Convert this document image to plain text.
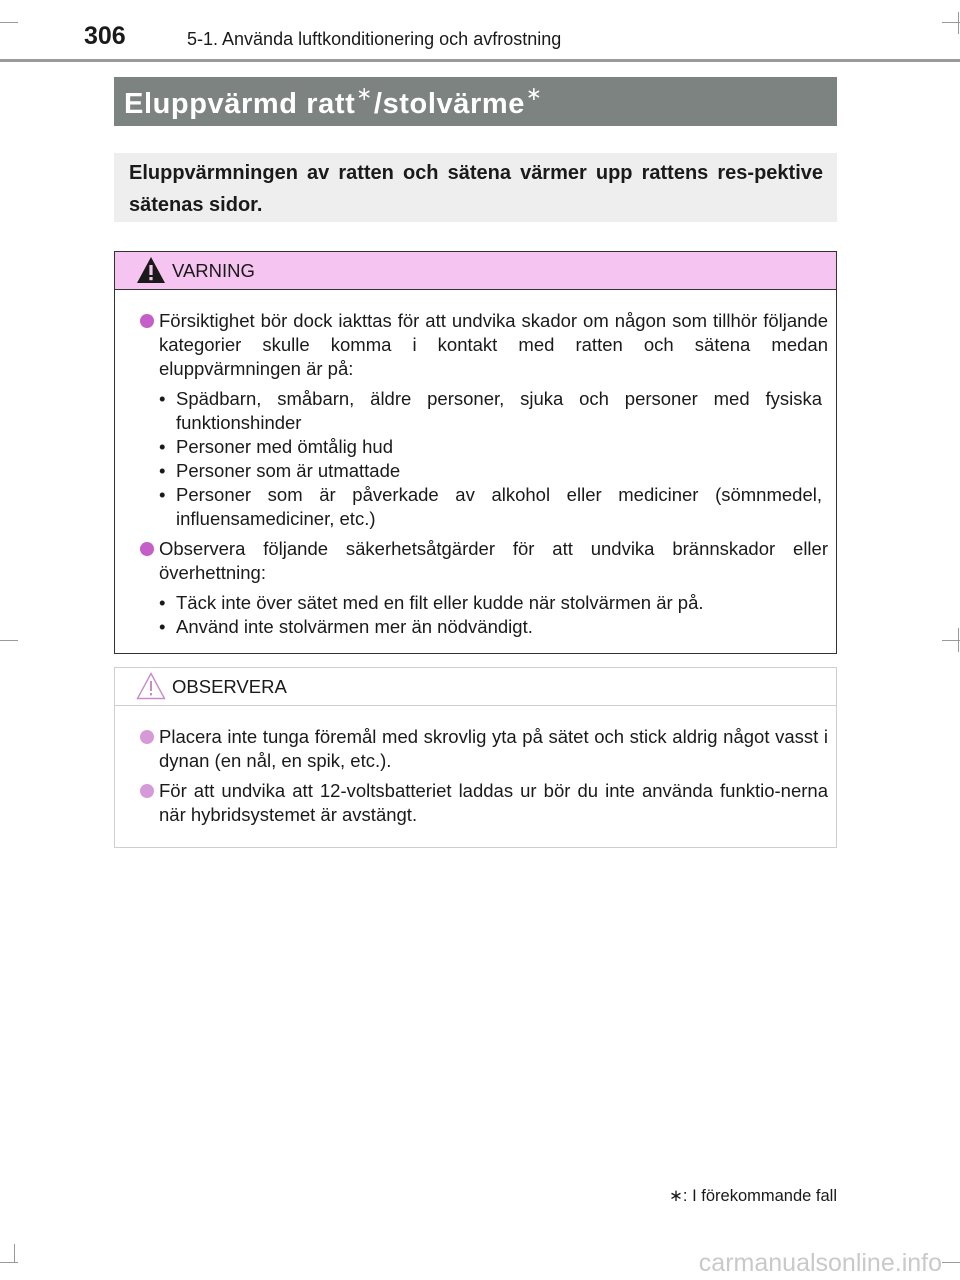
306	5-1. Använda luftkonditionering och avfrostning
Eluppvärmd ratt∗/stolvärme∗
Eluppvärmningen av ratten och sätena värmer upp rattens res-pektive sätenas sidor.
VARNING
Försiktighet bör dock iakttas för att undvika skador om någon som tillhör följande kategorier skulle komma i kontakt med ratten och sätena medan eluppvärmningen är på:
• Spädbarn, småbarn, äldre personer, sjuka och personer med fysiska funktionshinder
• Personer med ömtålig hud
• Personer som är utmattade
• Personer som är påverkade av alkohol eller mediciner (sömnmedel, influensamediciner, etc.)
Observera följande säkerhetsåtgärder för att undvika brännskador eller överhettning:
• Täck inte över sätet med en filt eller kudde när stolvärmen är på.
• Använd inte stolvärmen mer än nödvändigt.
OBSERVERA
Placera inte tunga föremål med skrovlig yta på sätet och stick aldrig något vasst i dynan (en nål, en spik, etc.).
För att undvika att 12-voltsbatteriet laddas ur bör du inte använda funktio-nerna när hybridsystemet är avstängt.
∗: I förekommande fall
carmanualsonline.info
